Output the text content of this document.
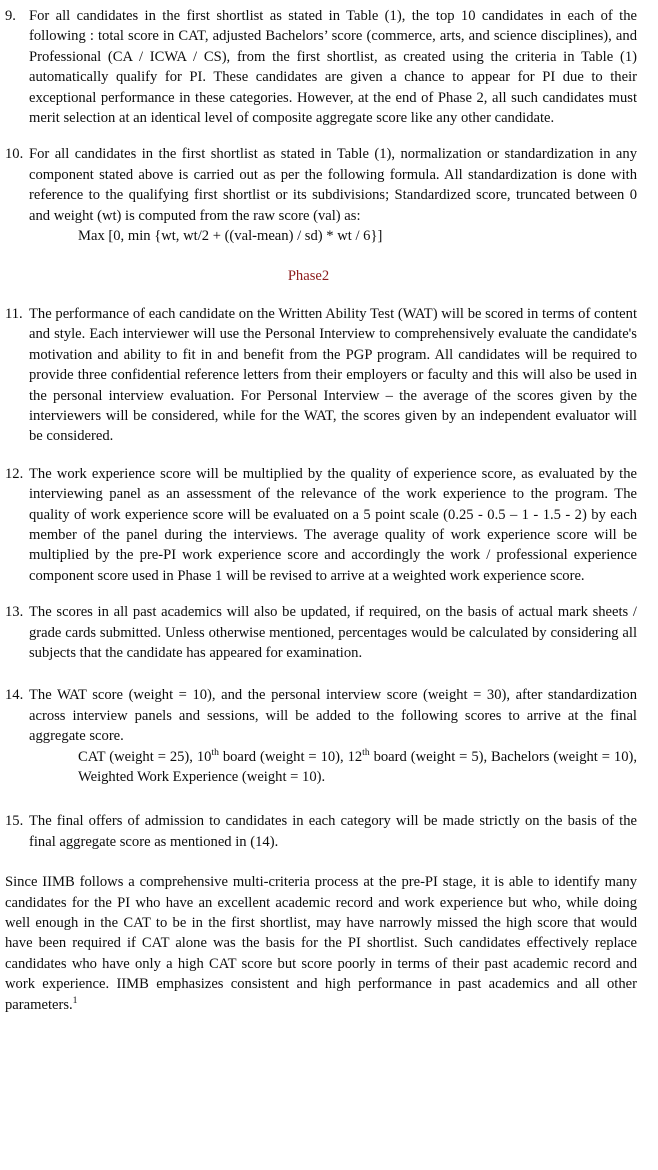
9. For all candidates in the first shortlist as stated in Table (1), the top 10 candidates in each of the following : total score in CAT, adjusted Bachelors’ score (commerce, arts, and science disciplines), and Professional (CA / ICWA / CS), from the first shortlist, as created using the criteria in Table (1) automatically qualify for PI. These candidates are given a chance to appear for PI due to their exceptional performance in these categories. However, at the end of Phase 2, all such candidates must merit selection at an identical level of composite aggregate score like any other candidate.

10. For all candidates in the first shortlist as stated in Table (1), normalization or standardization in any component stated above is carried out as per the following formula. All standardization is done with reference to the qualifying first shortlist or its subdivisions; Standardized score, truncated between 0 and weight (wt) is computed from the raw score (val) as:

Max [0, min {wt, wt/2 + ((val-mean) / sd) * wt / 6}]

Phase2
11. The performance of each candidate on the Written Ability Test (WAT) will be scored in terms of content and style. Each interviewer will use the Personal Interview to comprehensively evaluate the candidate's motivation and ability to fit in and benefit from the PGP program. All candidates will be required to provide three confidential reference letters from their employers or faculty and this will also be used in the personal interview evaluation. For Personal Interview – the average of the scores given by the interviewers will be considered, while for the WAT, the scores given by an independent evaluator will be considered.

12. The work experience score will be multiplied by the quality of experience score, as evaluated by the interviewing panel as an assessment of the relevance of the work experience to the program. The quality of work experience score will be evaluated on a 5 point scale (0.25 - 0.5 – 1 - 1.5 - 2) by each member of the panel during the interviews. The average quality of work experience score will be multiplied by the pre-PI work experience score and accordingly the work / professional experience component score used in Phase 1 will be revised to arrive at a weighted work experience score.

13. The scores in all past academics will also be updated, if required, on the basis of actual mark sheets / grade cards submitted. Unless otherwise mentioned, percentages would be calculated by considering all subjects that the candidate has appeared for examination.

14. The WAT score (weight = 10), and the personal interview score (weight = 30), after standardization across interview panels and sessions, will be added to the following scores to arrive at the final aggregate score.

CAT (weight = 25), 10th board (weight = 10), 12th board (weight = 5), Bachelors (weight = 10), Weighted Work Experience (weight = 10).

15. The final offers of admission to candidates in each category will be made strictly on the basis of the final aggregate score as mentioned in (14).

Since IIMB follows a comprehensive multi-criteria process at the pre-PI stage, it is able to identify many candidates for the PI who have an excellent academic record and work experience but who, while doing well enough in the CAT to be in the first shortlist, may have narrowly missed the high score that would have been required if CAT alone was the basis for the PI shortlist. Such candidates effectively replace candidates who have only a high CAT score but score poorly in terms of their past academic record and work experience. IIMB emphasizes consistent and high performance in past academics and all other parameters.$^1$
